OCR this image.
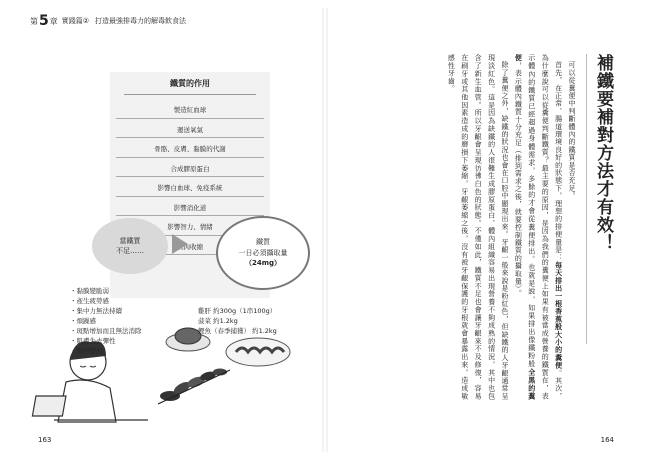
第 5 章 實踐篇② 打造最強排毒力的解毒飲食法
鐵質的作用
製造紅血球
運送氧氣
骨骼、皮膚、黏膜的代謝
合成膠原蛋白
影響白血球、免疫系統
影響消化道
影響智力、情緒
肌肉收縮
當鐵質
不足……
鐵質
一日必須攝取量
（24mg）
・ 黏膜變脆弱
・ 產生疲勞感
・ 集中力無法持續
・ 煩躁感
・ 斑點增加而且無法消除
・ 肌膚失去彈性
・ 指甲變形
雞肝 約300g（1串100g）
菠菜 約1.2kg
鰹魚（春季捕獲） 約1.2kg
163
補鐵要補對方法才有效！

可以從糞便中判斷體內的鐵質是否充足。

首先，在正常、腸道環境良好的狀態下，理想的排便量是：每天排出一根香蕉般大小的糞便。其次，為什麼說可以從糞便判斷鐵質？最主要的原因，是因為我們的糞便上如果有被當成營養的鐵質在，表示體內的鐵質已經超過身體需求，多餘的才會從糞便排出。也就是說，如果排出像鐵粉般全黑的糞便，表示體內鐵質十分充足（排到需求之後，就要控制鐵質的攝取量）。

除了糞便之外，缺鐵的狀況也會在口腔中顯現出來。牙齦一般來說是粉紅色，但缺鐵的人牙齦通常呈現淡紅色。這是因為缺鐵的人很難生成膠原蛋白，體內組織容易出現營養不夠成熟的情況，其中也包含了新生血管。所以牙齦會呈現彷彿白色的狀態。不僅如此，鐵質不足也會讓牙齦來不及修復，容易在刷牙或其他因素造成的磨損下萎縮，牙齦萎縮之後，沒有被牙齦保護的牙根就會暴露出來，造成敏感性牙齒。

164
